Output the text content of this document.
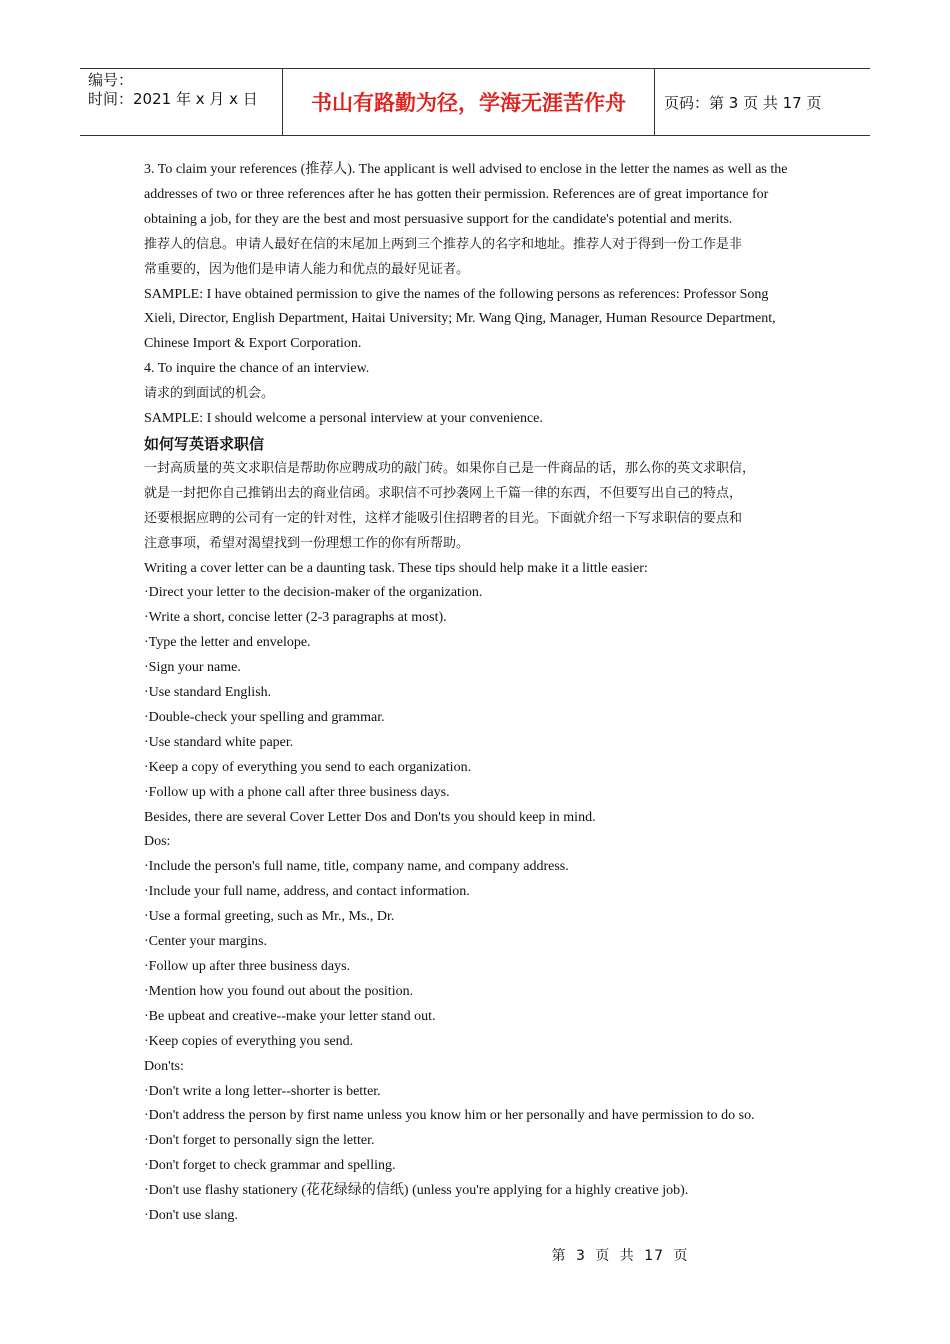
编号：
时间：2021 年 x 月 x 日	书山有路勤为径，学海无涯苦作舟	页码：第 3 页 共 17 页
3. To claim your references (推荐人). The applicant is well advised to enclose in the letter the names as well as the
addresses of two or three references after he has gotten their permission. References are of great importance for
obtaining a job, for they are the best and most persuasive support for the candidate's potential and merits.
推荐人的信息。申请人最好在信的末尾加上两到三个推荐人的名字和地址。推荐人对于得到一份工作是非
常重要的，因为他们是申请人能力和优点的最好见证者。
SAMPLE: I have obtained permission to give the names of the following persons as references: Professor Song
Xieli, Director, English Department, Haitai University; Mr. Wang Qing, Manager, Human Resource Department,
Chinese Import & Export Corporation.
4. To inquire the chance of an interview.
请求的到面试的机会。
SAMPLE: I should welcome a personal interview at your convenience.
如何写英语求职信
一封高质量的英文求职信是帮助你应聘成功的敲门砖。如果你自己是一件商品的话，那么你的英文求职信，
就是一封把你自己推销出去的商业信函。求职信不可抄袭网上千篇一律的东西，不但要写出自己的特点，
还要根据应聘的公司有一定的针对性，这样才能吸引住招聘者的目光。下面就介绍一下写求职信的要点和
注意事项，希望对渴望找到一份理想工作的你有所帮助。
Writing a cover letter can be a daunting task. These tips should help make it a little easier:
·Direct your letter to the decision-maker of the organization.
·Write a short, concise letter (2-3 paragraphs at most).
·Type the letter and envelope.
·Sign your name.
·Use standard English.
·Double-check your spelling and grammar.
·Use standard white paper.
·Keep a copy of everything you send to each organization.
·Follow up with a phone call after three business days.
Besides, there are several Cover Letter Dos and Don'ts you should keep in mind.
Dos:
·Include the person's full name, title, company name, and company address.
·Include your full name, address, and contact information.
·Use a formal greeting, such as Mr., Ms., Dr.
·Center your margins.
·Follow up after three business days.
·Mention how you found out about the position.
·Be upbeat and creative--make your letter stand out.
·Keep copies of everything you send.
Don'ts:
·Don't write a long letter--shorter is better.
·Don't address the person by first name unless you know him or her personally and have permission to do so.
·Don't forget to personally sign the letter.
·Don't forget to check grammar and spelling.
·Don't use flashy stationery (花花绿绿的信纸) (unless you're applying for a highly creative job).
·Don't use slang.
第 3 页 共 17 页
